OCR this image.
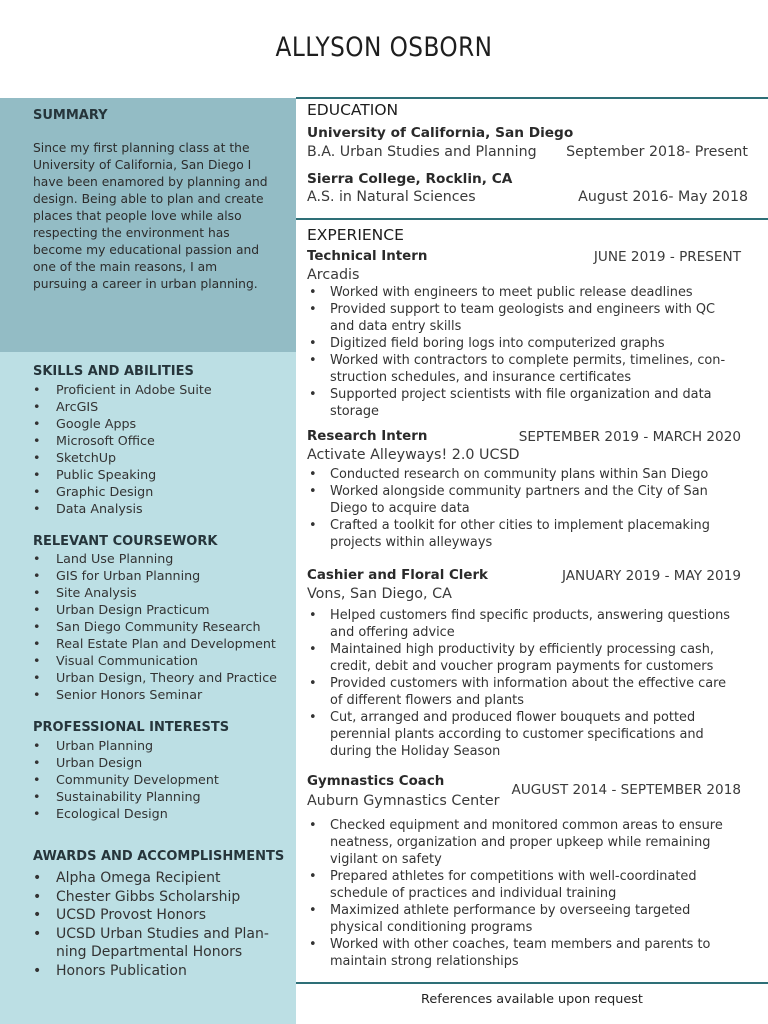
ALLYSON OSBORN
SUMMARY

Since my first planning class at the University of California, San Diego I have been enamored by planning and design. Being able to plan and create places that people love while also respecting the environment has become my educational passion and one of the main reasons, I am pursuing a career in urban planning.

SKILLS AND ABILITIES
• Proficient in Adobe Suite
• ArcGIS
• Google Apps
• Microsoft Office
• SketchUp
• Public Speaking
• Graphic Design
• Data Analysis
RELEVANT COURSEWORK
• Land Use Planning
• GIS for Urban Planning
• Site Analysis
• Urban Design Practicum
• San Diego Community Research
• Real Estate Plan and Development
• Visual Communication
• Urban Design, Theory and Practice
• Senior Honors Seminar
PROFESSIONAL INTERESTS
• Urban Planning
• Urban Design
• Community Development
• Sustainability Planning
• Ecological Design
AWARDS AND ACCOMPLISHMENTS
• Alpha Omega Recipient
• Chester Gibbs Scholarship
• UCSD Provost Honors
• UCSD Urban Studies and Planning Departmental Honors
• Honors Publication
EDUCATION
University of California, San Diego
B.A. Urban Studies and Planning September 2018- Present
Sierra College, Rocklin, CA
A.S. in Natural Sciences	August 2016- May 2018
EXPERIENCE
Technical Intern	JUNE 2019 - PRESENT
Arcadis
• Worked with engineers to meet public release deadlines
• Provided support to team geologists and engineers with QC and data entry skills
• Digitized field boring logs into computerized graphs
• Worked with contractors to complete permits, timelines, construction schedules, and insurance certificates
• Supported project scientists with file organization and data storage
Research Intern	SEPTEMBER 2019 - MARCH 2020
Activate Alleyways! 2.0 UCSD
• Conducted research on community plans within San Diego
• Worked alongside community partners and the City of San Diego to acquire data
• Crafted a toolkit for other cities to implement placemaking projects within alleyways
Cashier and Floral Clerk	JANUARY 2019 - MAY 2019
Vons, San Diego, CA
• Helped customers find specific products, answering questions and offering advice
• Maintained high productivity by efficiently processing cash, credit, debit and voucher program payments for customers
• Provided customers with information about the effective care of different flowers and plants
• Cut, arranged and produced flower bouquets and potted perennial plants according to customer specifications and during the Holiday Season
Gymnastics Coach
AUGUST 2014 - SEPTEMBER 2018
Auburn Gymnastics Center
• Checked equipment and monitored common areas to ensure neatness, organization and proper upkeep while remaining vigilant on safety
• Prepared athletes for competitions with well-coordinated schedule of practices and individual training
• Maximized athlete performance by overseeing targeted physical conditioning programs
• Worked with other coaches, team members and parents to maintain strong relationships
References available upon request
